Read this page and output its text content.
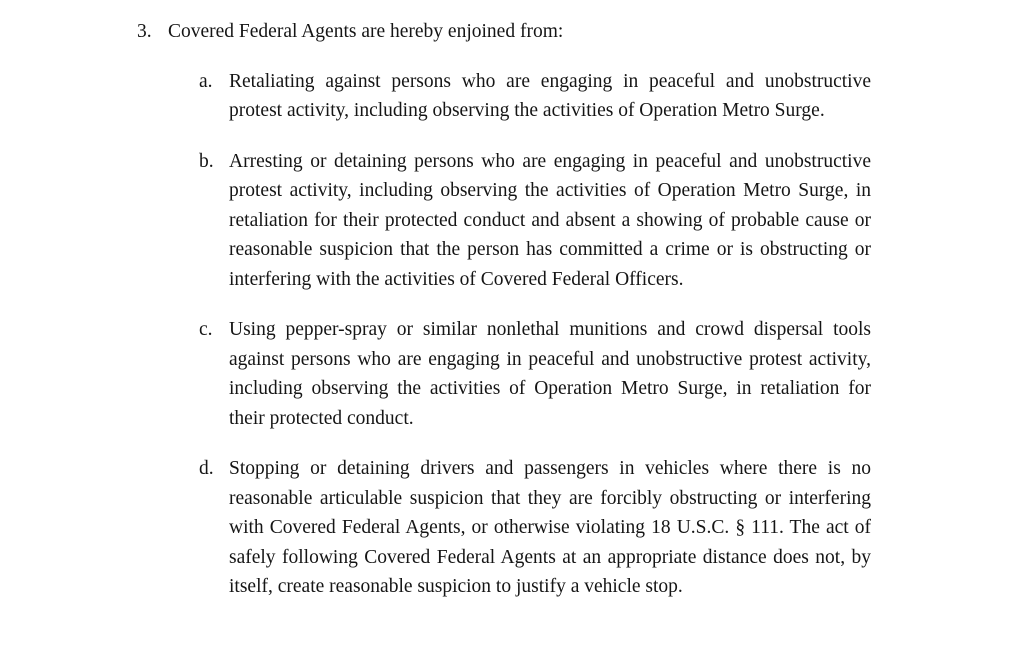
3. Covered Federal Agents are hereby enjoined from:
a. Retaliating against persons who are engaging in peaceful and unobstructive protest activity, including observing the activities of Operation Metro Surge.
b. Arresting or detaining persons who are engaging in peaceful and unobstructive protest activity, including observing the activities of Operation Metro Surge, in retaliation for their protected conduct and absent a showing of probable cause or reasonable suspicion that the person has committed a crime or is obstructing or interfering with the activities of Covered Federal Officers.
c. Using pepper-spray or similar nonlethal munitions and crowd dispersal tools against persons who are engaging in peaceful and unobstructive protest activity, including observing the activities of Operation Metro Surge, in retaliation for their protected conduct.
d. Stopping or detaining drivers and passengers in vehicles where there is no reasonable articulable suspicion that they are forcibly obstructing or interfering with Covered Federal Agents, or otherwise violating 18 U.S.C. § 111. The act of safely following Covered Federal Agents at an appropriate distance does not, by itself, create reasonable suspicion to justify a vehicle stop.
